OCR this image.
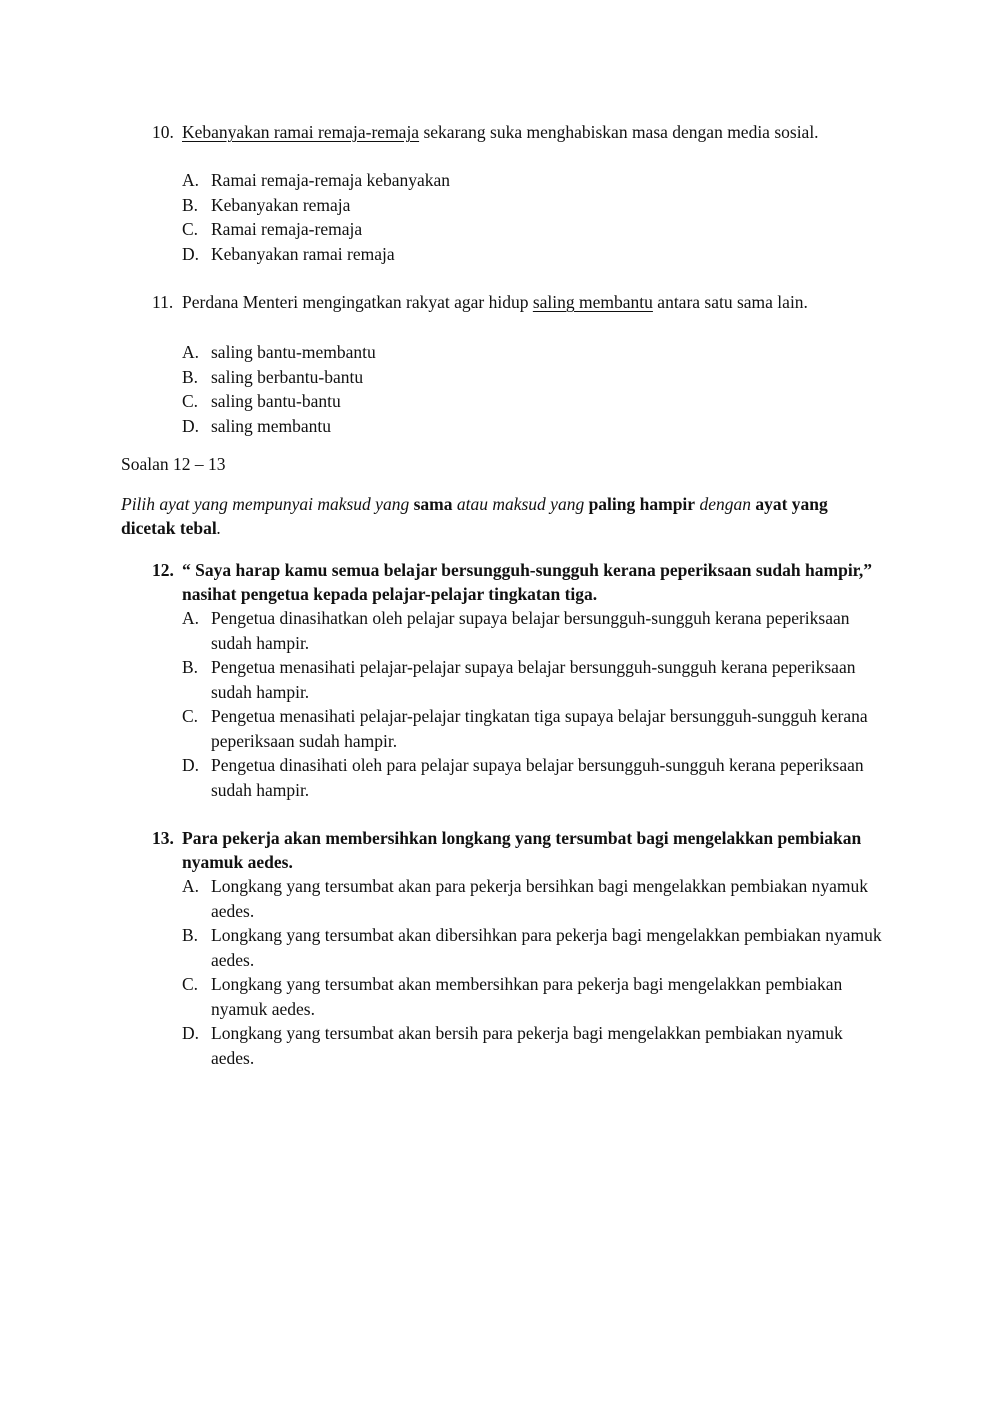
10. Kebanyakan ramai remaja-remaja sekarang suka menghabiskan masa dengan media sosial.
A. Ramai remaja-remaja kebanyakan
B. Kebanyakan remaja
C. Ramai remaja-remaja
D. Kebanyakan ramai remaja
11. Perdana Menteri mengingatkan rakyat agar hidup saling membantu antara satu sama lain.
A. saling bantu-membantu
B. saling berbantu-bantu
C. saling bantu-bantu
D. saling membantu
Soalan 12 – 13
Pilih ayat yang mempunyai maksud yang sama atau maksud yang paling hampir dengan ayat yang dicetak tebal.
12. “ Saya harap kamu semua belajar bersungguh-sungguh kerana peperiksaan sudah hampir,” nasihat pengetua kepada pelajar-pelajar tingkatan tiga.
A. Pengetua dinasihatkan oleh pelajar supaya belajar bersungguh-sungguh kerana peperiksaan sudah hampir.
B. Pengetua menasihati pelajar-pelajar supaya belajar bersungguh-sungguh kerana peperiksaan sudah hampir.
C. Pengetua menasihati pelajar-pelajar tingkatan tiga supaya belajar bersungguh-sungguh kerana peperiksaan sudah hampir.
D. Pengetua dinasihati oleh para pelajar supaya belajar bersungguh-sungguh kerana peperiksaan sudah hampir.
13. Para pekerja akan membersihkan longkang yang tersumbat bagi mengelakkan pembiakan nyamuk aedes.
A. Longkang yang tersumbat akan para pekerja bersihkan bagi mengelakkan pembiakan nyamuk aedes.
B. Longkang yang tersumbat akan dibersihkan para pekerja bagi mengelakkan pembiakan nyamuk aedes.
C. Longkang yang tersumbat akan membersihkan para pekerja bagi mengelakkan pembiakan nyamuk aedes.
D. Longkang yang tersumbat akan bersih para pekerja bagi mengelakkan pembiakan nyamuk aedes.
